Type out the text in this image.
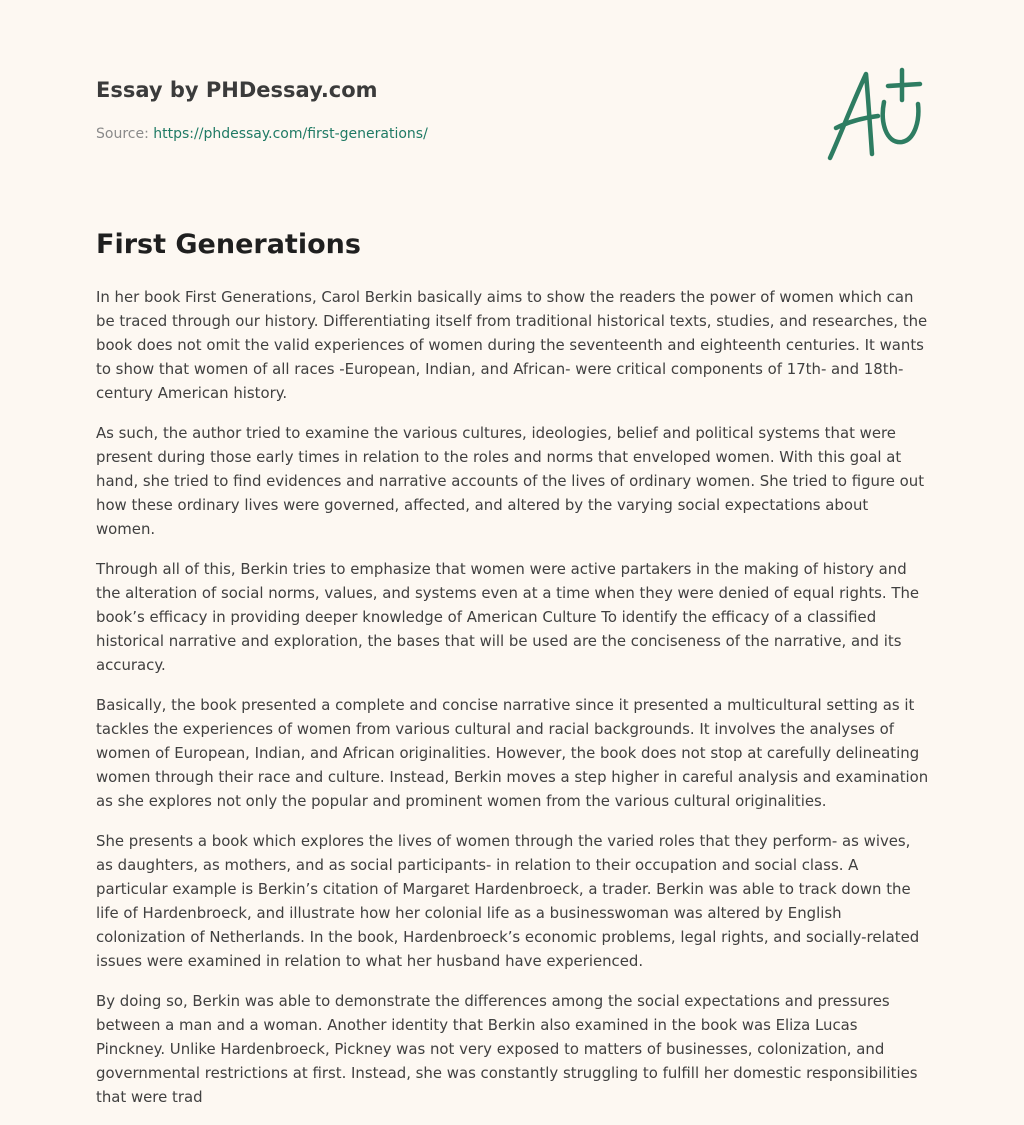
Essay by PHDessay.com
Source: https://phdessay.com/first-generations/
First Generations

In her book First Generations, Carol Berkin basically aims to show the readers the power of women which can be traced through our history. Differentiating itself from traditional historical texts, studies, and researches, the book does not omit the valid experiences of women during the seventeenth and eighteenth centuries. It wants to show that women of all races -European, Indian, and African- were critical components of 17th- and 18th-century American history.

As such, the author tried to examine the various cultures, ideologies, belief and political systems that were present during those early times in relation to the roles and norms that enveloped women. With this goal at hand, she tried to find evidences and narrative accounts of the lives of ordinary women. She tried to figure out how these ordinary lives were governed, affected, and altered by the varying social expectations about women.

Through all of this, Berkin tries to emphasize that women were active partakers in the making of history and the alteration of social norms, values, and systems even at a time when they were denied of equal rights. The book’s efficacy in providing deeper knowledge of American Culture To identify the efficacy of a classified historical narrative and exploration, the bases that will be used are the conciseness of the narrative, and its accuracy.

Basically, the book presented a complete and concise narrative since it presented a multicultural setting as it tackles the experiences of women from various cultural and racial backgrounds. It involves the analyses of women of European, Indian, and African originalities. However, the book does not stop at carefully delineating women through their race and culture. Instead, Berkin moves a step higher in careful analysis and examination as she explores not only the popular and prominent women from the various cultural originalities.

She presents a book which explores the lives of women through the varied roles that they perform- as wives, as daughters, as mothers, and as social participants- in relation to their occupation and social class. A particular example is Berkin’s citation of Margaret Hardenbroeck, a trader. Berkin was able to track down the life of Hardenbroeck, and illustrate how her colonial life as a businesswoman was altered by English colonization of Netherlands. In the book, Hardenbroeck’s economic problems, legal rights, and socially-related issues were examined in relation to what her husband have experienced.

By doing so, Berkin was able to demonstrate the differences among the social expectations and pressures between a man and a woman. Another identity that Berkin also examined in the book was Eliza Lucas Pinckney. Unlike Hardenbroeck, Pickney was not very exposed to matters of businesses, colonization, and governmental restrictions at first. Instead, she was constantly struggling to fulfill her domestic responsibilities that were trad
